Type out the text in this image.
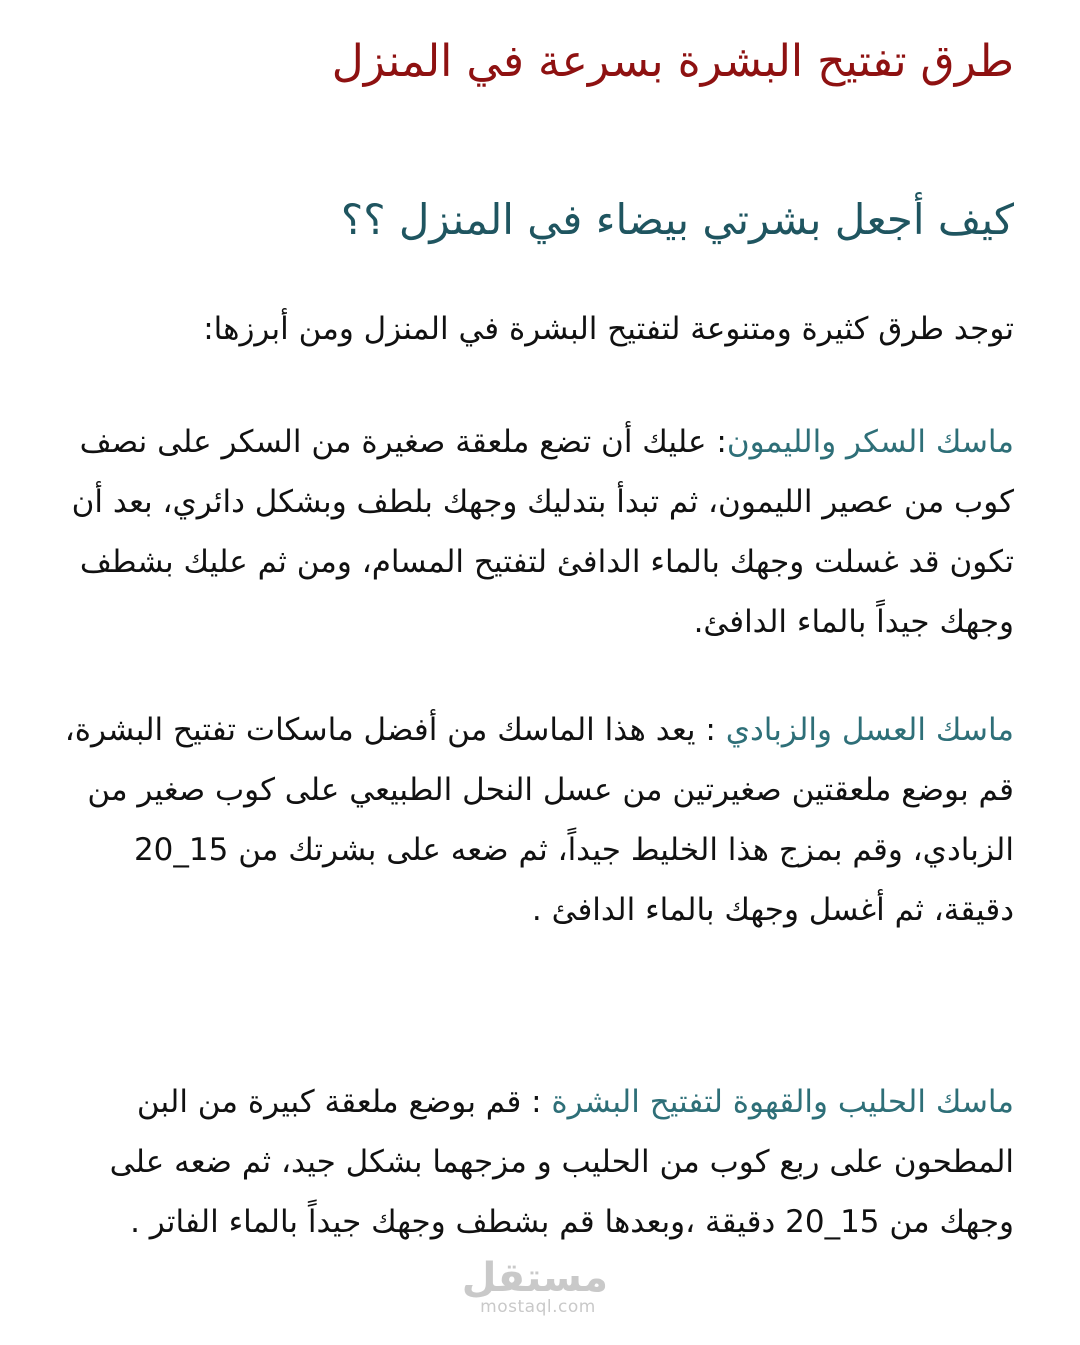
طرق تفتيح البشرة بسرعة في المنزل
كيف أجعل بشرتي بيضاء في المنزل ؟؟

توجد طرق كثيرة ومتنوعة لتفتيح البشرة في المنزل ومن أبرزها:

ماسك السكر والليمون: عليك أن تضع ملعقة صغيرة من السكر على نصف كوب من عصير الليمون، ثم تبدأ بتدليك وجهك بلطف وبشكل دائري، بعد أن تكون قد غسلت وجهك بالماء الدافئ لتفتيح المسام، ومن ثم عليك بشطف وجهك جيداً بالماء الدافئ.

ماسك العسل والزبادي : يعد هذا الماسك من أفضل ماسكات تفتيح البشرة، قم بوضع ملعقتين صغيرتين من عسل النحل الطبيعي على كوب صغير من الزبادي، وقم بمزج هذا الخليط جيداً، ثم ضعه على بشرتك من 15_20 دقيقة، ثم أغسل وجهك بالماء الدافئ .

ماسك الحليب والقهوة لتفتيح البشرة : قم بوضع ملعقة كبيرة من البن المطحون على ربع كوب من الحليب و مزجهما بشكل جيد، ثم ضعه على وجهك من 15_20 دقيقة ،وبعدها قم بشطف وجهك جيداً بالماء الفاتر .

مستقل
mostaql.com
